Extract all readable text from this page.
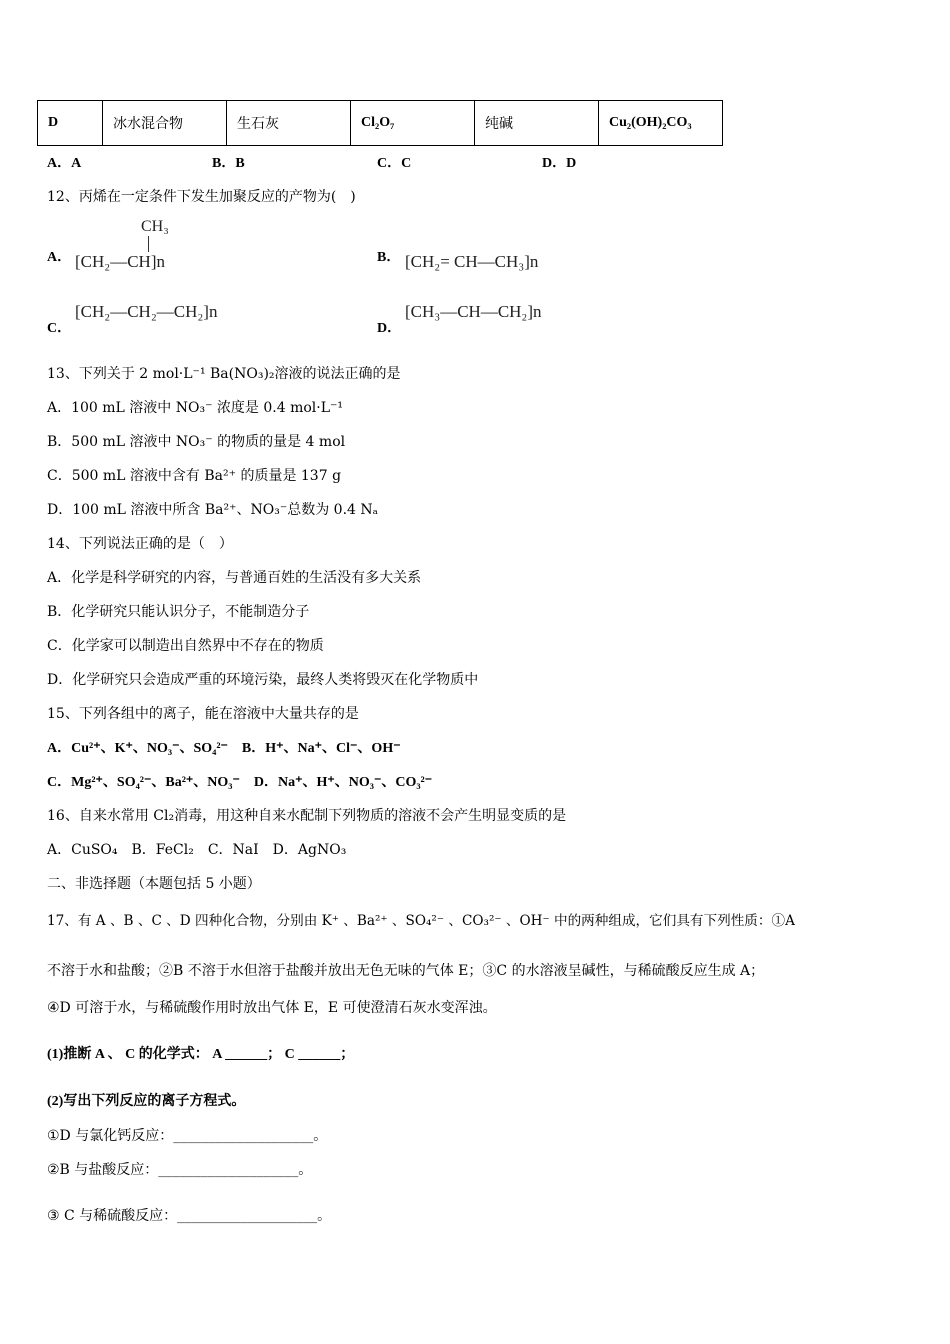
D	冰水混合物	生石灰	Cl₂O₇	纯碱	Cu₂(OH)₂CO₃
A．A	B．B	C．C	D．D
12、丙烯在一定条件下发生加聚反应的产物为(　)
A．
CH₃
[CH₂—CH]n	B． [CH₂= CH—CH₃]n
C．
[CH₂—CH₂—CH₂]n
D．
[CH₃—CH—CH₂]n
13、下列关于 2 mol·L⁻¹ Ba(NO₃)₂溶液的说法正确的是
A．100 mL 溶液中 NO₃⁻ 浓度是 0.4 mol·L⁻¹
B．500 mL 溶液中 NO₃⁻ 的物质的量是 4 mol
C．500 mL 溶液中含有 Ba²⁺ 的质量是 137 g
D．100 mL 溶液中所含 Ba²⁺、NO₃⁻总数为 0.4 Nₐ
14、下列说法正确的是（　）
A．化学是科学研究的内容，与普通百姓的生活没有多大关系
B．化学研究只能认识分子，不能制造分子
C．化学家可以制造出自然界中不存在的物质
D．化学研究只会造成严重的环境污染，最终人类将毁灭在化学物质中
15、下列各组中的离子，能在溶液中大量共存的是
A．Cu²⁺、K⁺、NO₃⁻、SO₄²⁻　B．H⁺、Na⁺、Cl⁻、OH⁻
C．Mg²⁺、SO₄²⁻、Ba²⁺、NO₃⁻　D．Na⁺、H⁺、NO₃⁻、CO₃²⁻
16、自来水常用 Cl₂消毒，用这种自来水配制下列物质的溶液不会产生明显变质的是
A．CuSO₄　B．FeCl₂　C．NaI　D．AgNO₃
二、非选择题（本题包括 5 小题）
17、有 A 、B 、C 、D 四种化合物，分别由 K⁺ 、Ba²⁺ 、SO₄²⁻ 、CO₃²⁻ 、OH⁻ 中的两种组成，它们具有下列性质：①A
不溶于水和盐酸；②B 不溶于水但溶于盐酸并放出无色无味的气体 E；③C 的水溶液呈碱性，与稀硫酸反应生成 A；
④D 可溶于水，与稀硫酸作用时放出气体 E，E 可使澄清石灰水变浑浊。
(1)推断 A 、 C 的化学式： A ______； C ______；
(2)写出下列反应的离子方程式。
①D 与氯化钙反应：____________________。
②B 与盐酸反应：____________________。
③ C 与稀硫酸反应：____________________。
